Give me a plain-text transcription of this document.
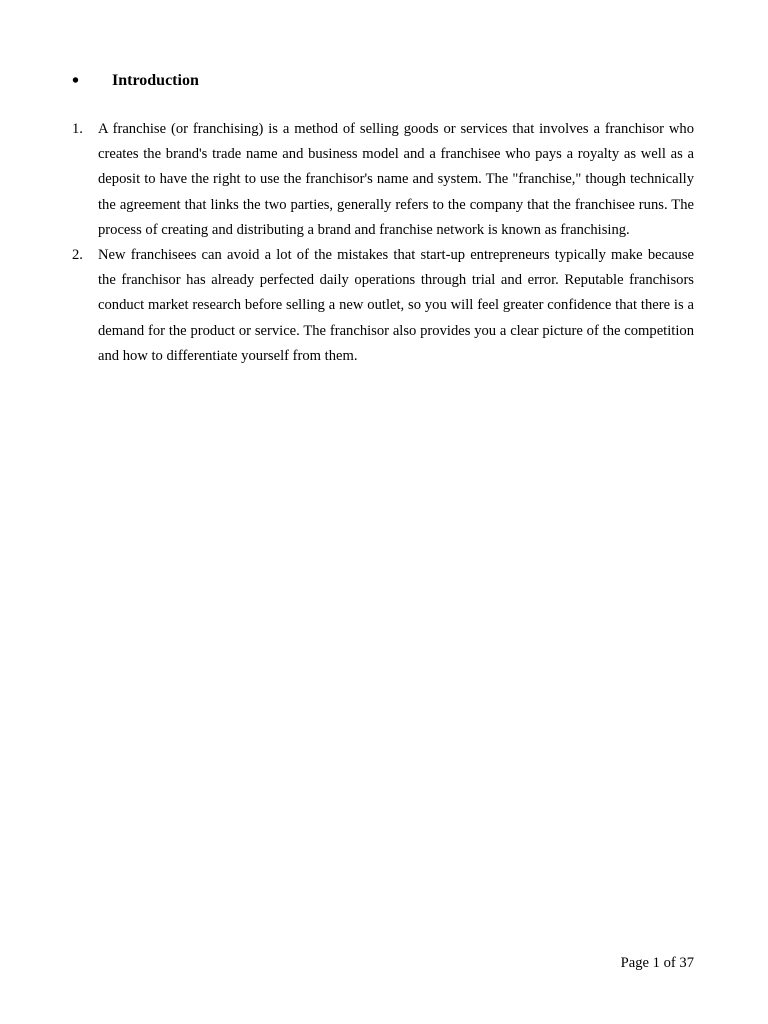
•	Introduction
1.	A franchise (or franchising) is a method of selling goods or services that involves a franchisor who creates the brand's trade name and business model and a franchisee who pays a royalty as well as a deposit to have the right to use the franchisor's name and system. The "franchise," though technically the agreement that links the two parties, generally refers to the company that the franchisee runs. The process of creating and distributing a brand and franchise network is known as franchising.
2.	New franchisees can avoid a lot of the mistakes that start-up entrepreneurs typically make because the franchisor has already perfected daily operations through trial and error. Reputable franchisors conduct market research before selling a new outlet, so you will feel greater confidence that there is a demand for the product or service. The franchisor also provides you a clear picture of the competition and how to differentiate yourself from them.
Page 1 of 37
